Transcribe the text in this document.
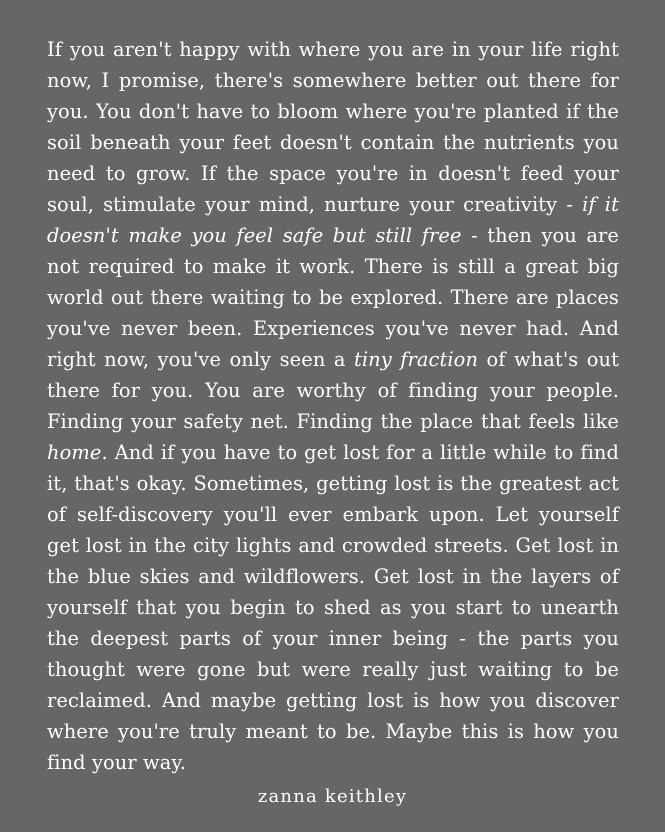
If you aren't happy with where you are in your life right now, I promise, there's somewhere better out there for you. You don't have to bloom where you're planted if the soil beneath your feet doesn't contain the nutrients you need to grow. If the space you're in doesn't feed your soul, stimulate your mind, nurture your creativity - if it doesn't make you feel safe but still free - then you are not required to make it work. There is still a great big world out there waiting to be explored. There are places you've never been. Experiences you've never had. And right now, you've only seen a tiny fraction of what's out there for you. You are worthy of finding your people. Finding your safety net. Finding the place that feels like home. And if you have to get lost for a little while to find it, that's okay. Sometimes, getting lost is the greatest act of self-discovery you'll ever embark upon. Let yourself get lost in the city lights and crowded streets. Get lost in the blue skies and wildflowers. Get lost in the layers of yourself that you begin to shed as you start to unearth the deepest parts of your inner being - the parts you thought were gone but were really just waiting to be reclaimed. And maybe getting lost is how you discover where you're truly meant to be. Maybe this is how you find your way.

zanna keithley
